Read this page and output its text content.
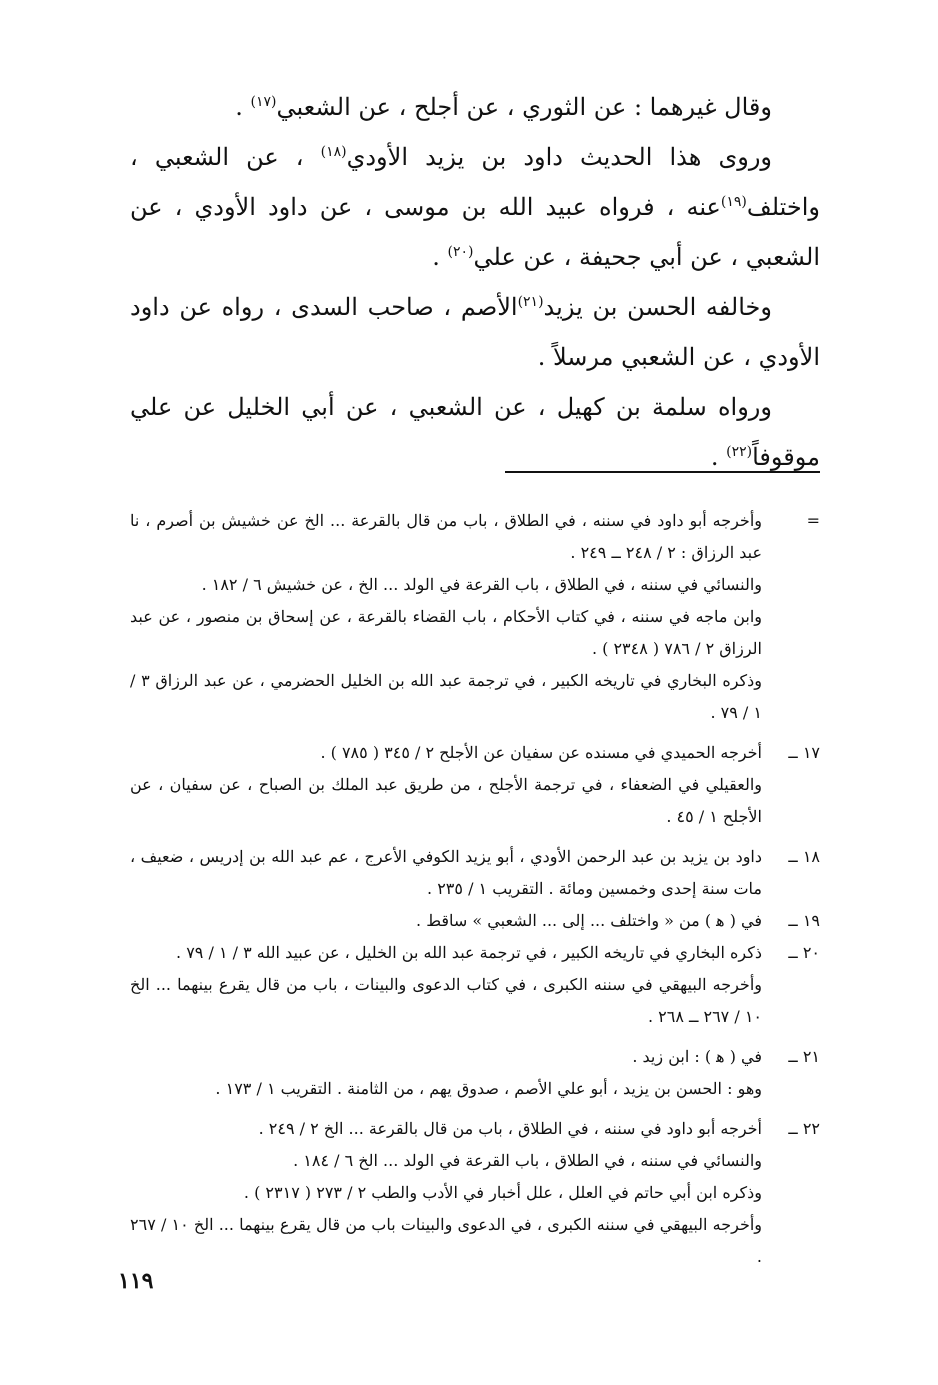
وقال غيرهما : عن الثوري ، عن أجلح ، عن الشعبي$^{(١٧)}$ .

وروى هذا الحديث داود بن يزيد الأودي$^{(١٨)}$ ، عن الشعبي ، واختلف$^{(١٩)}$عنه ، فرواه عبيد الله بن موسى ، عن داود الأودي ، عن الشعبي ، عن أبي جحيفة ، عن علي$^{(٢٠)}$ .

وخالفه الحسن بن يزيد$^{(٢١)}$الأصم ، صاحب السدى ، رواه عن داود الأودي ، عن الشعبي مرسلاً .

ورواه سلمة بن كهيل ، عن الشعبي ، عن أبي الخليل عن علي موقوفاً$^{(٢٢)}$ .

=
وأخرجه أبو داود في سننه ، في الطلاق ، باب من قال بالقرعة ... الخ عن خشيش بن أصرم ، نا عبد الرزاق : ٢ / ٢٤٨ ــ ٢٤٩ .
والنسائي في سننه ، في الطلاق ، باب القرعة في الولد ... الخ ، عن خشيش ٦ / ١٨٢ .
وابن ماجه في سننه ، في كتاب الأحكام ، باب القضاء بالقرعة ، عن إسحاق بن منصور ، عن عبد الرزاق ٢ / ٧٨٦ ( ٢٣٤٨ ) .
وذكره البخاري في تاريخه الكبير ، في ترجمة عبد الله بن الخليل الحضرمي ، عن عبد الرزاق ٣ / ١ / ٧٩ .
١٧ ــ
أخرجه الحميدي في مسنده عن سفيان عن الأجلح ٢ / ٣٤٥ ( ٧٨٥ ) .
والعقيلي في الضعفاء ، في ترجمة الأجلح ، من طريق عبد الملك بن الصباح ، عن سفيان ، عن الأجلح ١ / ٤٥ .
١٨ ــ
داود بن يزيد بن عبد الرحمن الأودي ، أبو يزيد الكوفي الأعرج ، عم عبد الله بن إدريس ، ضعيف ، مات سنة إحدى وخمسين ومائة . التقريب ١ / ٢٣٥ .
١٩ ــ
في ( ﻫ ) من « واختلف ... إلى ... الشعبي » ساقط .
٢٠ ــ
ذكره البخاري في تاريخه الكبير ، في ترجمة عبد الله بن الخليل ، عن عبيد الله ٣ / ١ / ٧٩ .
وأخرجه البيهقي في سننه الكبرى ، في كتاب الدعوى والبينات ، باب من قال يقرع بينهما ... الخ ١٠ / ٢٦٧ ــ ٢٦٨ .
٢١ ــ
في ( ﻫ ) : ابن زيد .
وهو : الحسن بن يزيد ، أبو علي الأصم ، صدوق يهم ، من الثامنة . التقريب ١ / ١٧٣ .
٢٢ ــ
أخرجه أبو داود في سننه ، في الطلاق ، باب من قال بالقرعة ... الخ ٢ / ٢٤٩ .
والنسائي في سننه ، في الطلاق ، باب القرعة في الولد ... الخ ٦ / ١٨٤ .
وذكره ابن أبي حاتم في العلل ، علل أخبار في الأدب والطب ٢ / ٢٧٣ ( ٢٣١٧ ) .
وأخرجه البيهقي في سننه الكبرى ، في الدعوى والبينات باب من قال يقرع بينهما ... الخ ١٠ / ٢٦٧ .
١١٩
